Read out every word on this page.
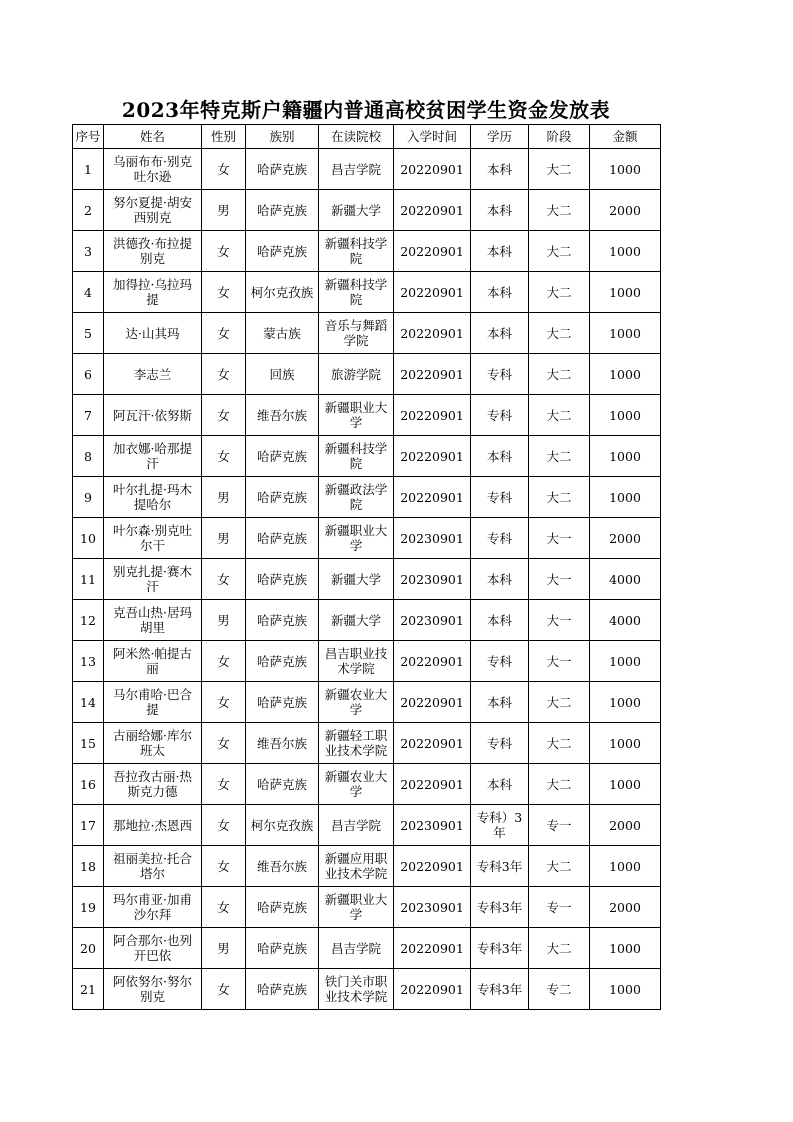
2023年特克斯户籍疆内普通高校贫困学生资金发放表
序号	姓名	性别	族别	在读院校	入学时间	学历	阶段	金额
1	乌丽布布·别克吐尔逊	女	哈萨克族	昌吉学院	20220901	本科	大二	1000
2	努尔夏提·胡安西别克	男	哈萨克族	新疆大学	20220901	本科	大二	2000
3	洪德孜·布拉提别克	女	哈萨克族	新疆科技学院	20220901	本科	大二	1000
4	加得拉·乌拉玛提	女	柯尔克孜族	新疆科技学院	20220901	本科	大二	1000
5	达·山其玛	女	蒙古族	音乐与舞蹈学院	20220901	本科	大二	1000
6	李志兰	女	回族	旅游学院	20220901	专科	大二	1000
7	阿瓦汗·依努斯	女	维吾尔族	新疆职业大学	20220901	专科	大二	1000
8	加衣娜·哈那提汗	女	哈萨克族	新疆科技学院	20220901	本科	大二	1000
9	叶尔扎提·玛木提哈尔	男	哈萨克族	新疆政法学院	20220901	专科	大二	1000
10	叶尔森·别克吐尔干	男	哈萨克族	新疆职业大学	20230901	专科	大一	2000
11	别克扎提·赛木汗	女	哈萨克族	新疆大学	20230901	本科	大一	4000
12	克吾山热·居玛胡里	男	哈萨克族	新疆大学	20230901	本科	大一	4000
13	阿米然·帕提古丽	女	哈萨克族	昌吉职业技术学院	20220901	专科	大一	1000
14	马尔甫哈·巴合提	女	哈萨克族	新疆农业大学	20220901	本科	大二	1000
15	古丽给娜·库尔班太	女	维吾尔族	新疆轻工职业技术学院	20220901	专科	大二	1000
16	吾拉孜古丽·热斯克力德	女	哈萨克族	新疆农业大学	20220901	本科	大二	1000
17	那地拉·杰恩西	女	柯尔克孜族	昌吉学院	20230901	专科）3年	专一	2000
18	祖丽美拉·托合塔尔	女	维吾尔族	新疆应用职业技术学院	20220901	专科3年	大二	1000
19	玛尔甫亚·加甫沙尔拜	女	哈萨克族	新疆职业大学	20230901	专科3年	专一	2000
20	阿合那尔·也列开巴依	男	哈萨克族	昌吉学院	20220901	专科3年	大二	1000
21	阿依努尔·努尔别克	女	哈萨克族	铁门关市职业技术学院	20220901	专科3年	专二	1000
